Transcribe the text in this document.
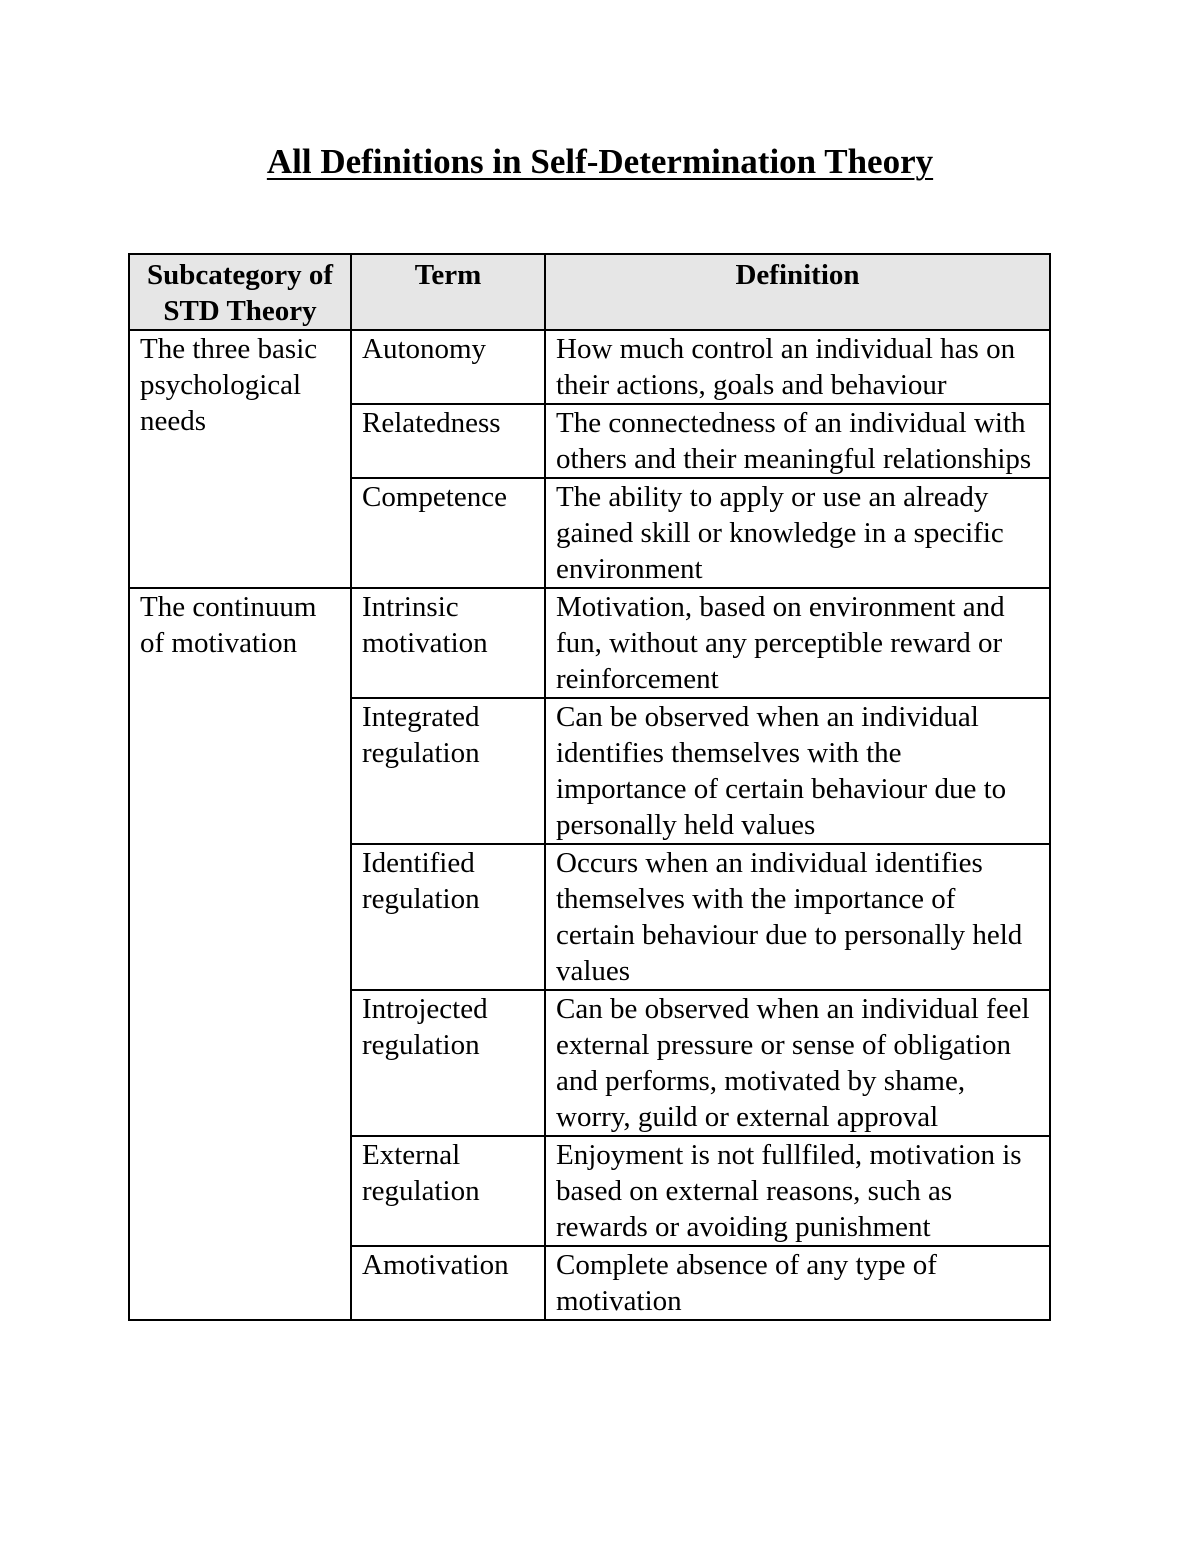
All Definitions in Self-Determination Theory
Subcategory of STD Theory	Term	Definition
The three basic psychological needs	Autonomy	How much control an individual has on their actions, goals and behaviour
	Relatedness	The connectedness of an individual with others and their meaningful relationships
	Competence	The ability to apply or use an already gained skill or knowledge in a specific environment
The continuum of motivation	Intrinsic motivation	Motivation, based on environment and fun, without any perceptible reward or reinforcement
	Integrated regulation	Can be observed when an individual identifies themselves with the importance of certain behaviour due to personally held values
	Identified regulation	Occurs when an individual identifies themselves with the importance of certain behaviour due to personally held values
	Introjected regulation	Can be observed when an individual feel external pressure or sense of obligation and performs, motivated by shame, worry, guild or external approval
	External regulation	Enjoyment is not fullfiled, motivation is based on external reasons, such as rewards or avoiding punishment
	Amotivation	Complete absence of any type of motivation
